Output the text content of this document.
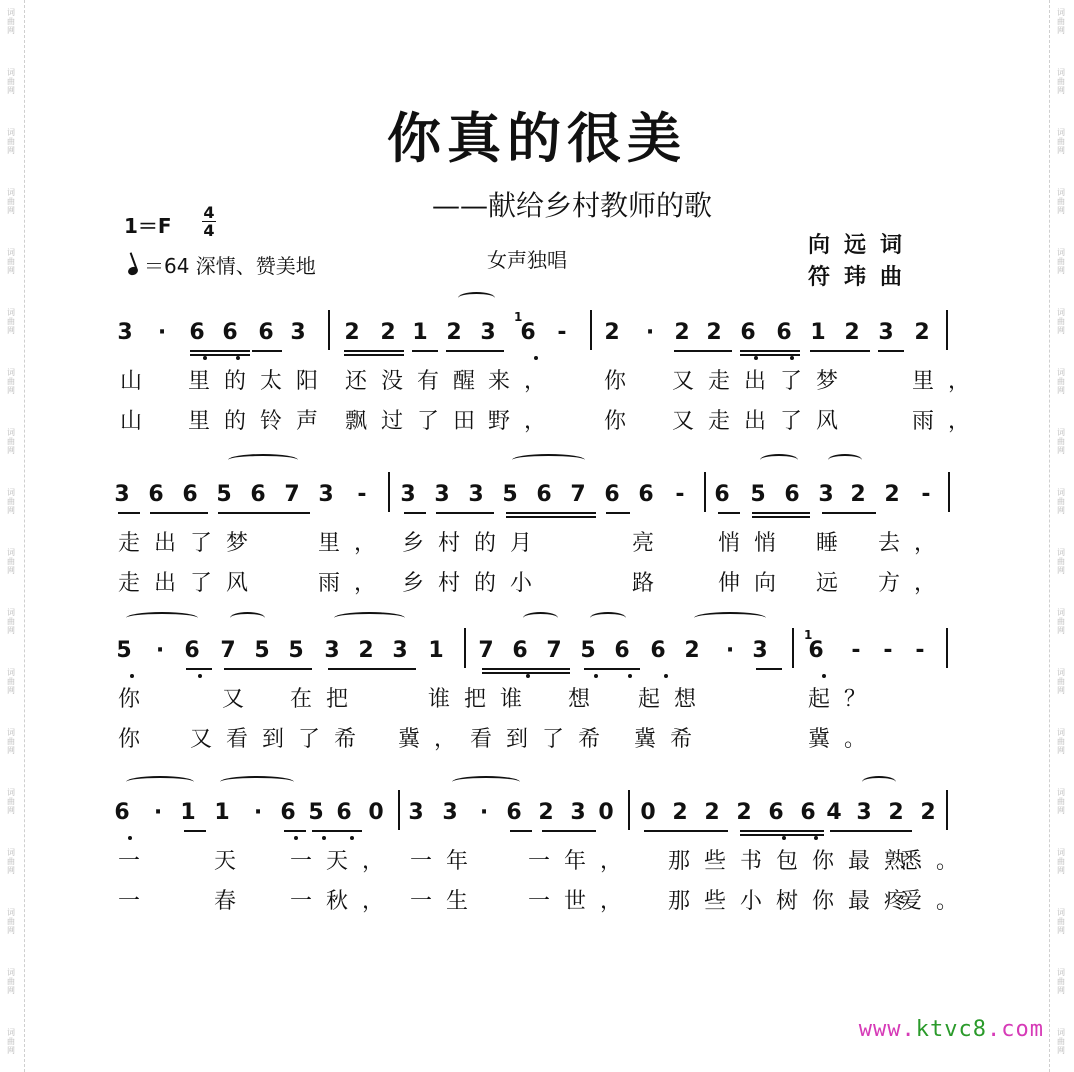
词
曲
网
词
曲
网
词
曲
网
词
曲
网
词
曲
网
词
曲
网
词
曲
网
词
曲
网
词
曲
网
词
曲
网
词
曲
网
词
曲
网
词
曲
网
词
曲
网
词
曲
网
词
曲
网
词
曲
网
词
曲
网
词
曲
网
词
曲
网
词
曲
网
词
曲
网
词
曲
网
词
曲
网
词
曲
网
词
曲
网
词
曲
网
词
曲
网
词
曲
网
词
曲
网
词
曲
网
词
曲
网
词
曲
网
词
曲
网
词
曲
网
词
曲
网
你真的很美
——献给乡村教师的歌
1＝F
4
4
＝64 深情、赞美地	女声独唱
向远词
符玮曲
3 · 6 6 6 3 2 2 1 2 3 6 - 2 · 2 2 6 6 1 2 3 2
1
山 里的太阳 还没有醒
来， 你 又走出了梦	里，
山 里的铃声 飘过了田
野， 你 又走出了风	雨，
3 6 6 5 6 7 3 - 3 3 3 5 6 7 6 6 - 6 5 6 3 2 2 -
走出了梦	里， 乡村的月	亮 悄悄 睡 去，
走出了风	雨， 乡村的小	路 伸向 远 方，
5 · 6 7 5 5 3 2 3 1 7 6 7 5 6 6 2 · 3 6 - - -
1
你	又 在把	谁把谁 想 起想	起？
你 又看到了希 冀，看到了希 冀希	冀。
6 · 1 1 · 6 5 6 0 3 3 · 6 2 3 0 0 2 2 2 6 6 4 3 2 2
一	天 一天， 一年 一年， 那些书包你最熟
悉。
一	春 一秋， 一生 一世， 那些小树你最疼
爱。
www.ktvc8.com
